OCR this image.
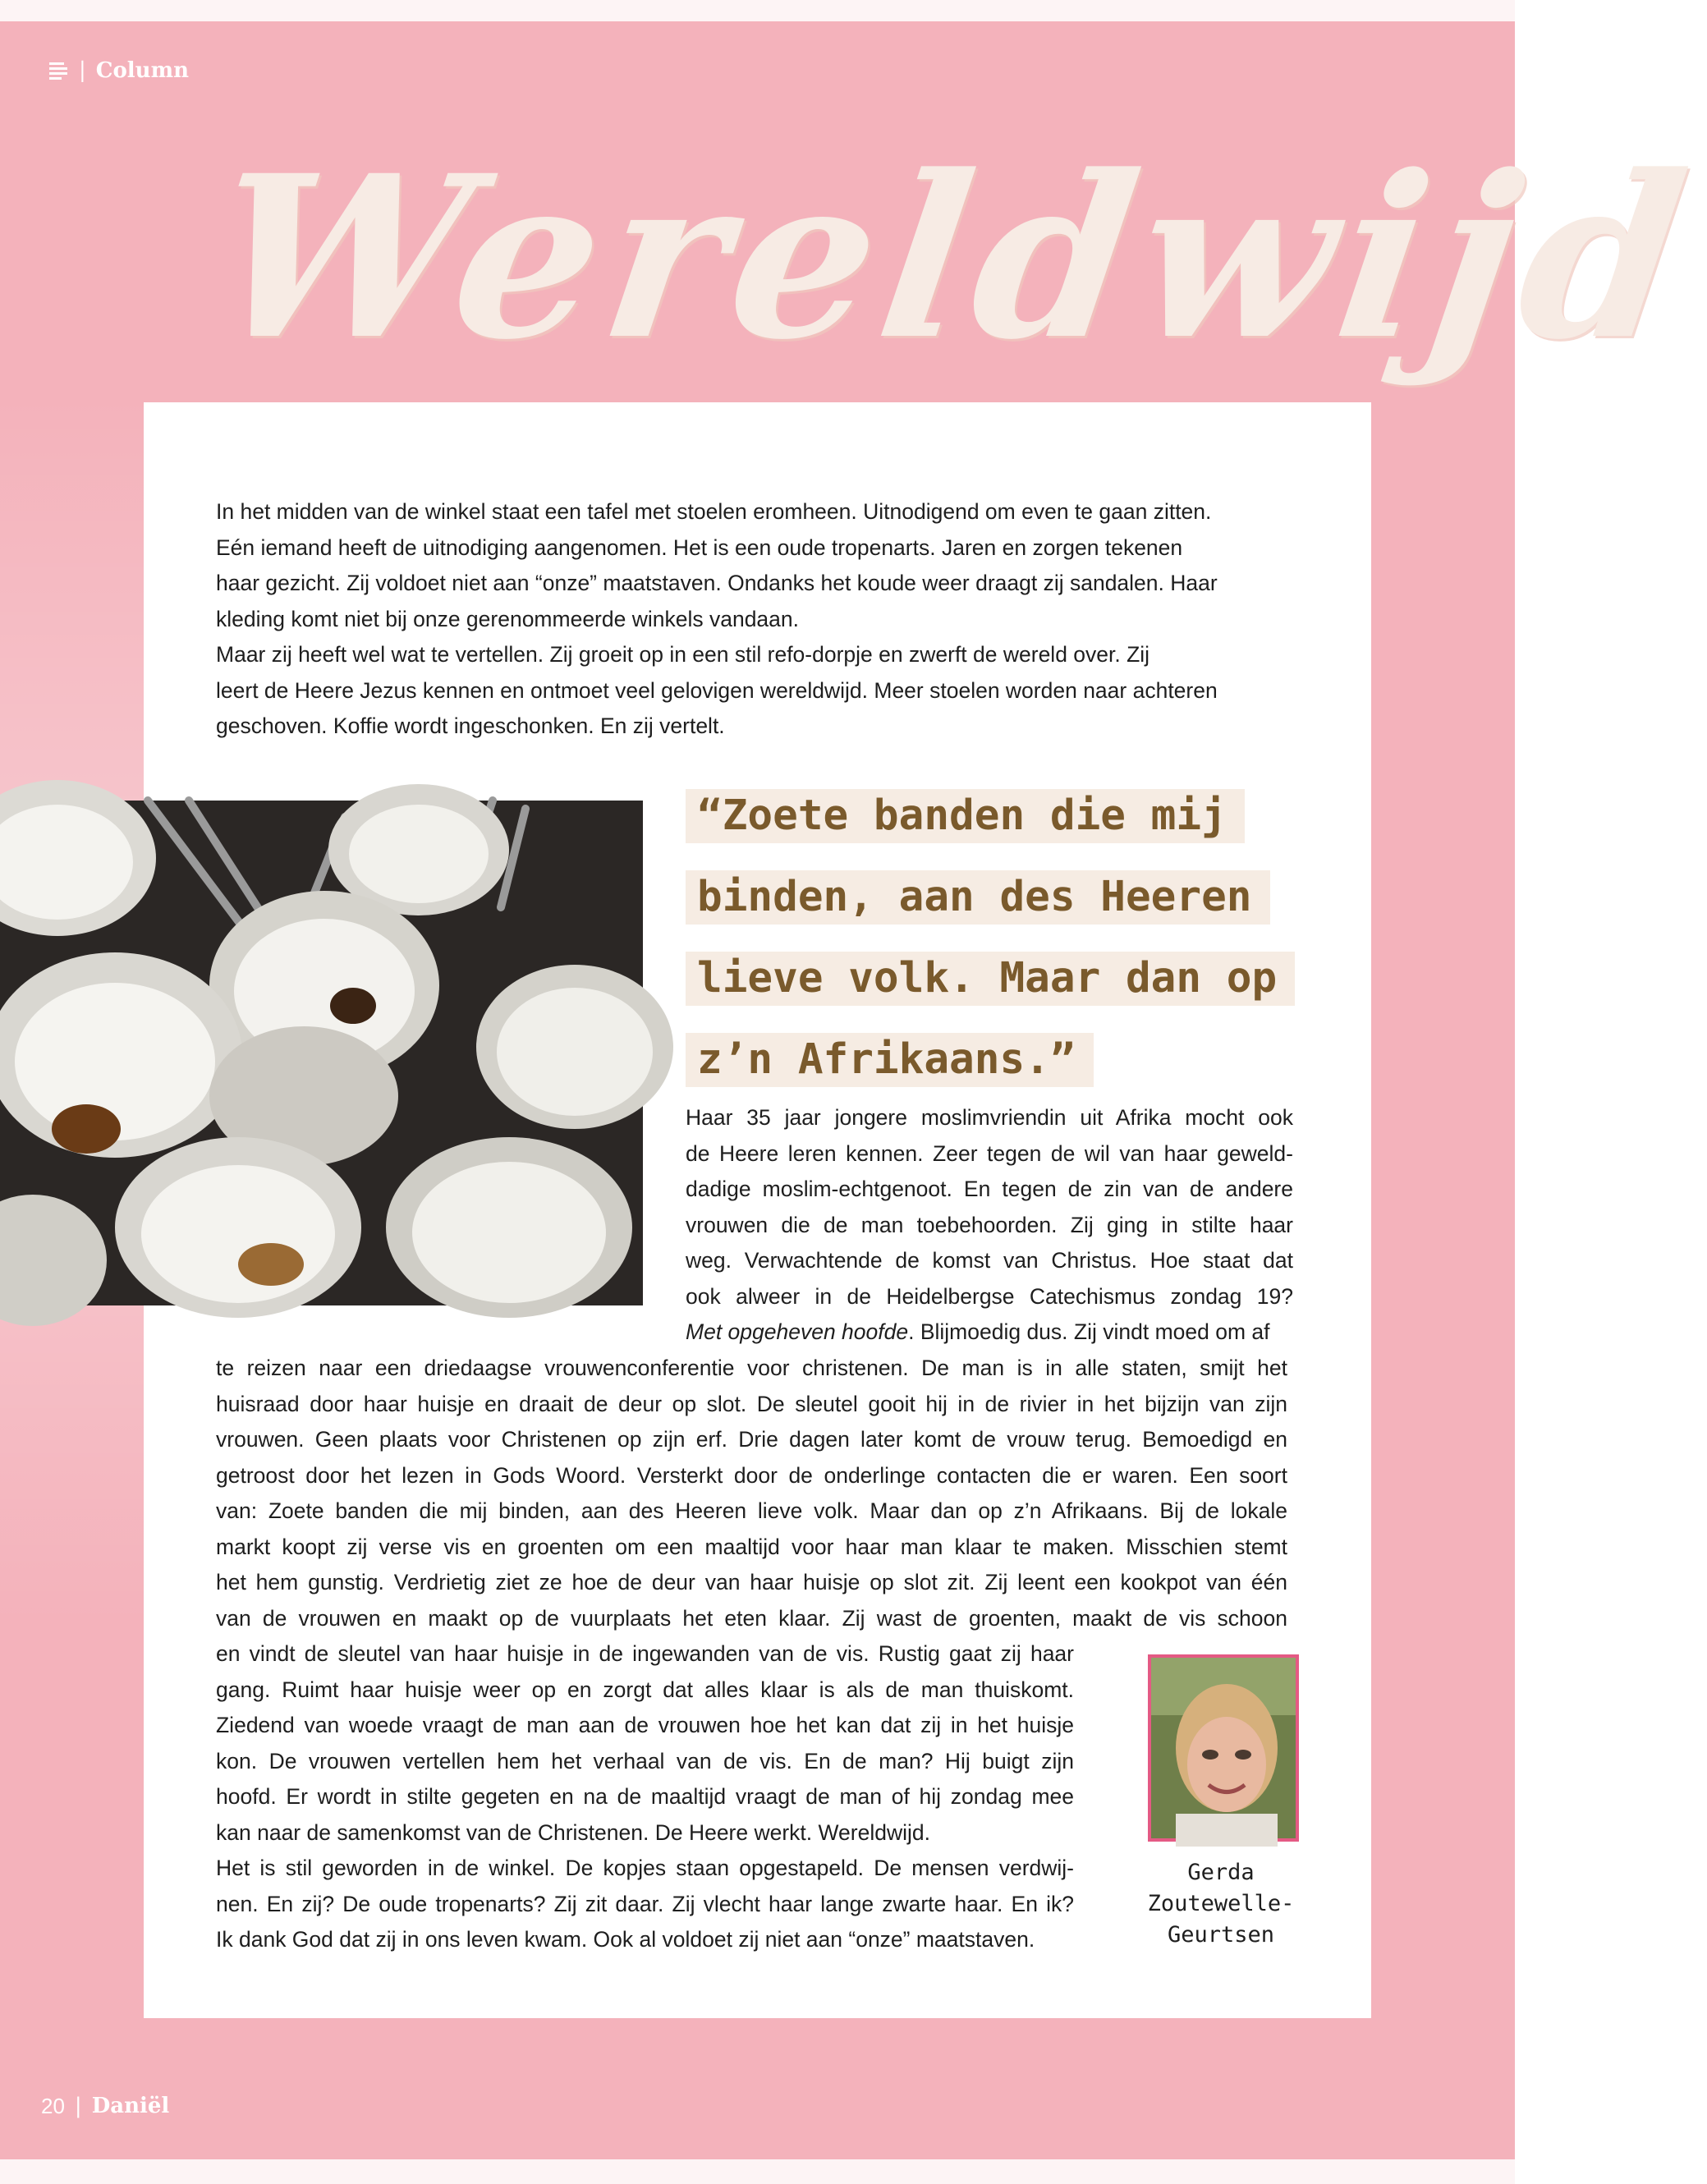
| Column
Wereldwijd
In het midden van de winkel staat een tafel met stoelen eromheen. Uitnodigend om even te gaan zitten.
Eén iemand heeft de uitnodiging aangenomen. Het is een oude tropenarts. Jaren en zorgen tekenen
haar gezicht. Zij voldoet niet aan “onze” maatstaven. Ondanks het koude weer draagt zij sandalen. Haar
kleding komt niet bij onze gerenommeerde winkels vandaan.
Maar zij heeft wel wat te vertellen. Zij groeit op in een stil refo-dorpje en zwerft de wereld over. Zij
leert de Heere Jezus kennen en ontmoet veel gelovigen wereldwijd. Meer stoelen worden naar achteren
geschoven. Koffie wordt ingeschonken. En zij vertelt.
“Zoete banden die mij
binden, aan des Heeren
lieve volk. Maar dan op
z’n Afrikaans.”
Haar 35 jaar jongere moslimvriendin uit Afrika mocht ook
de Heere leren kennen. Zeer tegen de wil van haar geweld-
dadige moslim-echtgenoot. En tegen de zin van de andere
vrouwen die de man toebehoorden. Zij ging in stilte haar
weg. Verwachtende de komst van Christus. Hoe staat dat
ook alweer in de Heidelbergse Catechismus zondag 19?
Met opgeheven hoofde. Blijmoedig dus. Zij vindt moed om af
te reizen naar een driedaagse vrouwenconferentie voor christenen. De man is in alle staten, smijt het
huisraad door haar huisje en draait de deur op slot. De sleutel gooit hij in de rivier in het bijzijn van zijn
vrouwen. Geen plaats voor Christenen op zijn erf. Drie dagen later komt de vrouw terug. Bemoedigd en
getroost door het lezen in Gods Woord. Versterkt door de onderlinge contacten die er waren. Een soort
van: Zoete banden die mij binden, aan des Heeren lieve volk. Maar dan op z’n Afrikaans. Bij de lokale
markt koopt zij verse vis en groenten om een maaltijd voor haar man klaar te maken. Misschien stemt
het hem gunstig. Verdrietig ziet ze hoe de deur van haar huisje op slot zit. Zij leent een kookpot van één
van de vrouwen en maakt op de vuurplaats het eten klaar. Zij wast de groenten, maakt de vis schoon
en vindt de sleutel van haar huisje in de ingewanden van de vis. Rustig gaat zij haar
gang. Ruimt haar huisje weer op en zorgt dat alles klaar is als de man thuiskomt.
Ziedend van woede vraagt de man aan de vrouwen hoe het kan dat zij in het huisje
kon. De vrouwen vertellen hem het verhaal van de vis. En de man? Hij buigt zijn
hoofd. Er wordt in stilte gegeten en na de maaltijd vraagt de man of hij zondag mee
kan naar de samenkomst van de Christenen. De Heere werkt. Wereldwijd.
Het is stil geworden in de winkel. De kopjes staan opgestapeld. De mensen verdwij-
nen. En zij? De oude tropenarts? Zij zit daar. Zij vlecht haar lange zwarte haar. En ik?
Ik dank God dat zij in ons leven kwam. Ook al voldoet zij niet aan “onze” maatstaven.
Gerda
Zoutewelle-
Geurtsen
20 | Daniël
